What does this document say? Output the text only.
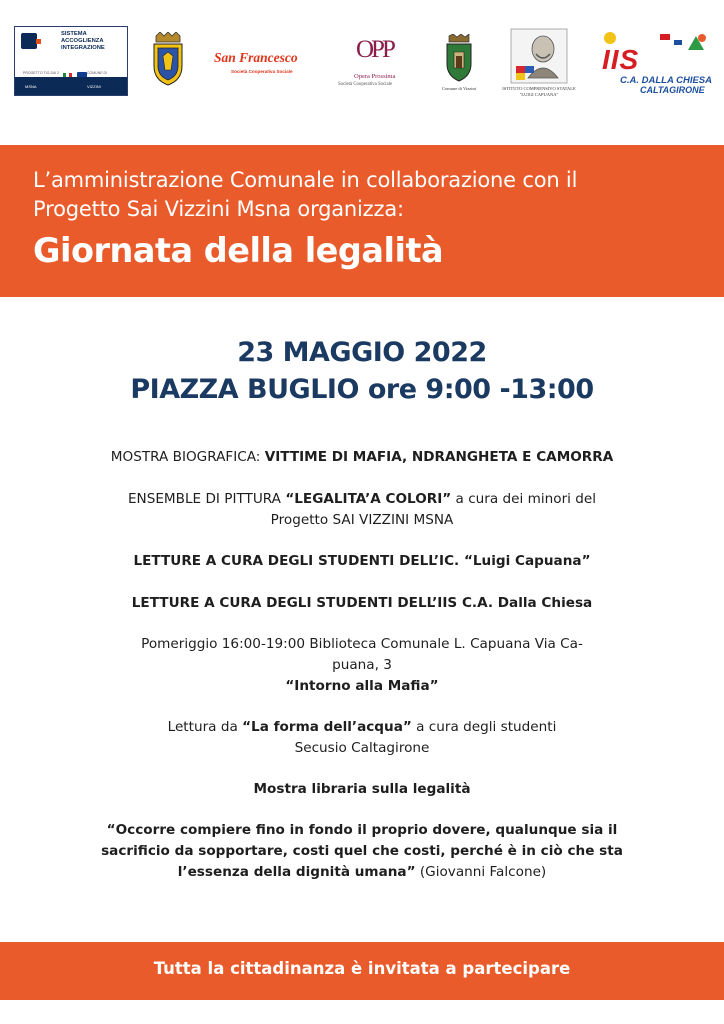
SISTEMA
ACCOGLIENZA
INTEGRAZIONE
PROGETTO TIG-SAI 2	COMUNE DI
MSNA	VIZZINI
San Francesco
Società Cooperativa Sociale
OPP
Opera Prossima
Società Cooperativa Sociale
Comune di Vizzini	ISTITUTO COMPRENSIVO STATALE
"LUIGI CAPUANA"
IIS
C.A. DALLA CHIESA
CALTAGIRONE
L’amministrazione Comunale in collaborazione con il
Progetto Sai Vizzini Msna organizza:
Giornata della legalità
23 MAGGIO 2022
PIAZZA BUGLIO ore 9:00 -13:00
MOSTRA BIOGRAFICA: VITTIME DI MAFIA, NDRANGHETA E CAMORRA
ENSEMBLE DI PITTURA “LEGALITA’A COLORI” a cura dei minori del
Progetto SAI VIZZINI MSNA
LETTURE A CURA DEGLI STUDENTI DELL’IC. “Luigi Capuana”
LETTURE A CURA DEGLI STUDENTI DELL’IIS C.A. Dalla Chiesa
Pomeriggio 16:00-19:00 Biblioteca Comunale L. Capuana Via Ca-
puana, 3
“Intorno alla Mafia”
Lettura da “La forma dell’acqua” a cura degli studenti
Secusio Caltagirone
Mostra libraria sulla legalità
“Occorre compiere fino in fondo il proprio dovere, qualunque sia il
sacrificio da sopportare, costi quel che costi, perché è in ciò che sta
l’essenza della dignità umana” (Giovanni Falcone)
Tutta la cittadinanza è invitata a partecipare
